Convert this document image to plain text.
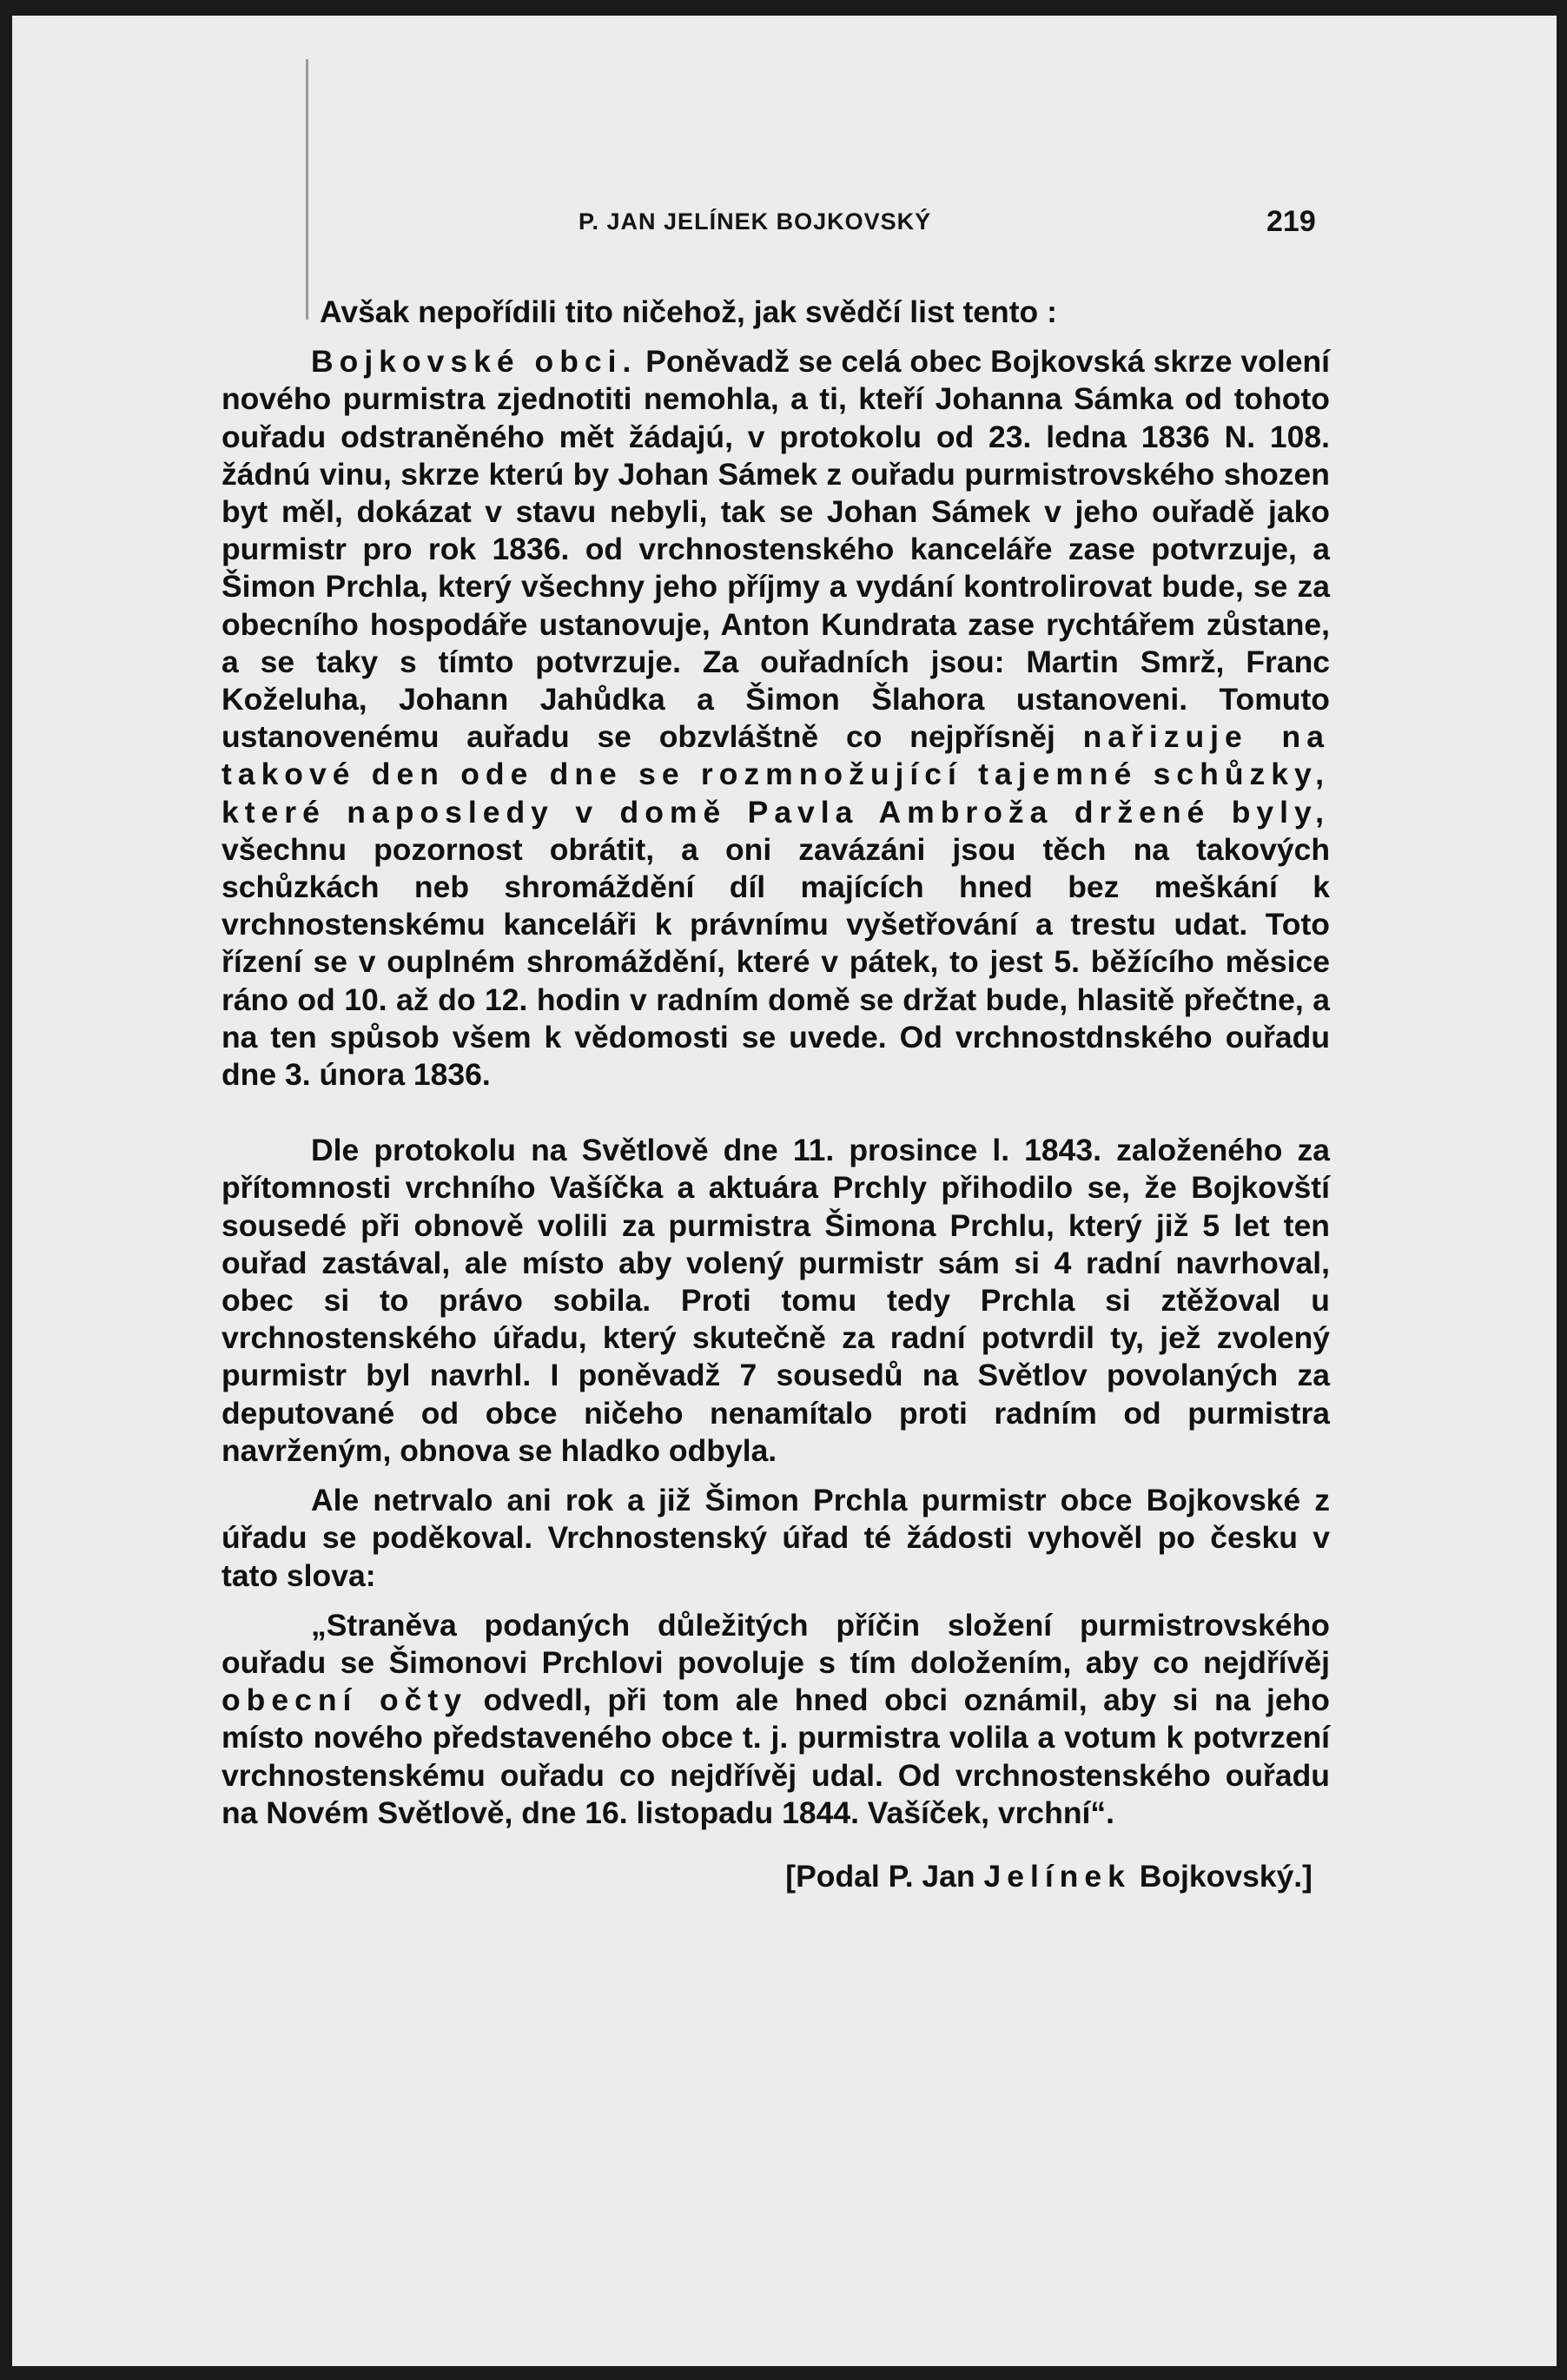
P. JAN JELÍNEK BOJKOVSKÝ	219

Avšak nepořídili tito ničehož, jak svědčí list tento :

Bojkovské obci. Poněvadž se celá obec Bojkovská skrze volení nového purmistra zjednotiti nemohla, a ti, kteří Johanna Sámka od tohoto ouřadu odstraněného mět žádajú, v protokolu od 23. ledna 1836 N. 108. žádnú vinu, skrze kterú by Johan Sámek z ouřadu purmistrovského shozen byt měl, dokázat v stavu nebyli, tak se Johan Sámek v jeho ouřadě jako purmistr pro rok 1836. od vrchnostenského kanceláře zase potvrzuje, a Šimon Prchla, který všechny jeho příjmy a vydání kontrolirovat bude, se za obecního hospodáře ustanovuje, Anton Kundrata zase rychtářem zůstane, a se taky s tímto potvrzuje. Za ouřadních jsou: Martin Smrž, Franc Koželuha, Johann Jahůdka a Šimon Šlahora ustanoveni. Tomuto ustanovenému auřadu se obzvláštně co nejpřísněj nařizuje na takové den ode dne se rozmnožující tajemné schůzky, které naposledy v domě Pavla Ambroža držené byly, všechnu pozornost obrátit, a oni zavázáni jsou těch na takových schůzkách neb shromáždění díl majících hned bez meškání k vrchnostenskému kanceláři k právnímu vyšetřování a trestu udat. Toto řízení se v ouplném shromáždění, které v pátek, to jest 5. běžícího měsice ráno od 10. až do 12. hodin v radním domě se držat bude, hlasitě přečtne, a na ten spůsob všem k vědomosti se uvede. Od vrchnostdnského ouřadu dne 3. února 1836.

Dle protokolu na Světlově dne 11. prosince l. 1843. založeného za přítomnosti vrchního Vašíčka a aktuára Prchly přihodilo se, že Bojkovští sousedé při obnově volili za purmistra Šimona Prchlu, který již 5 let ten ouřad zastával, ale místo aby volený purmistr sám si 4 radní navrhoval, obec si to právo sobila. Proti tomu tedy Prchla si ztěžoval u vrchnostenského úřadu, který skutečně za radní potvrdil ty, jež zvolený purmistr byl navrhl. I poněvadž 7 sousedů na Světlov povolaných za deputované od obce ničeho nenamítalo proti radním od purmistra navrženým, obnova se hladko odbyla.

Ale netrvalo ani rok a již Šimon Prchla purmistr obce Bojkovské z úřadu se poděkoval. Vrchnostenský úřad té žádosti vyhověl po česku v tato slova:

„Straněva podaných důležitých příčin složení purmistrovského ouřadu se Šimonovi Prchlovi povoluje s tím doložením, aby co nejdřívěj obecní očty odvedl, při tom ale hned obci oznámil, aby si na jeho místo nového představeného obce t. j. purmistra volila a votum k potvrzení vrchnostenskému ouřadu co nejdřívěj udal. Od vrchnostenského ouřadu na Novém Světlově, dne 16. listopadu 1844. Vašíček, vrchní“.

[Podal P. Jan Jelínek Bojkovský.]
